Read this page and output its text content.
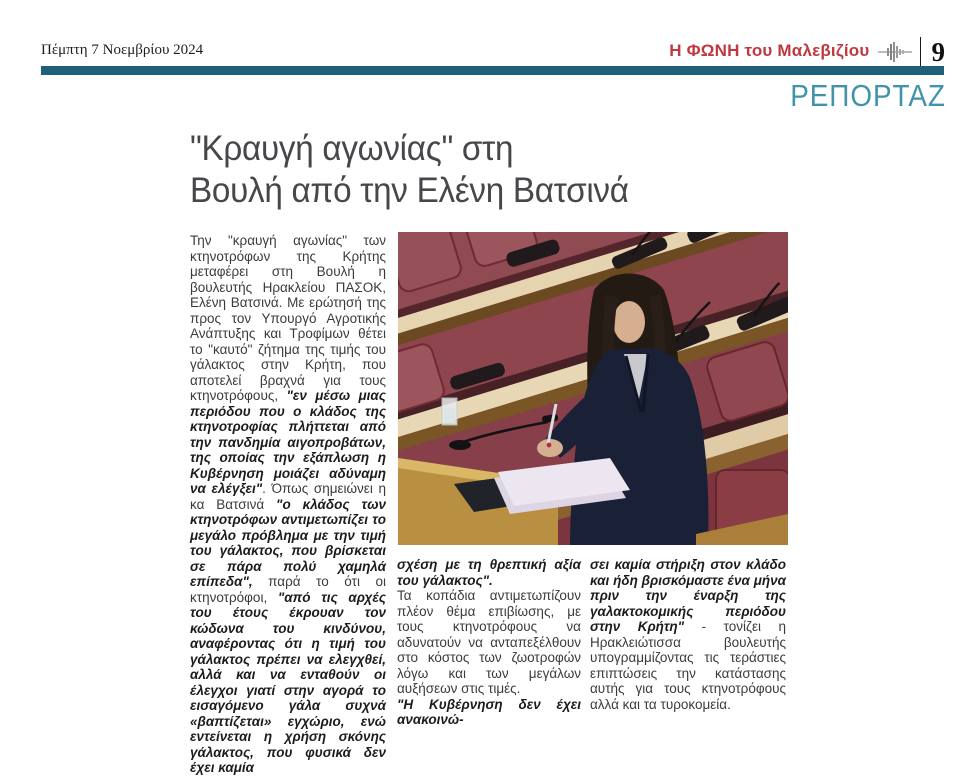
Πέμπτη 7 Νοεμβρίου 2024	Η ΦΩΝΗ του Μαλεβιζίου 9
ΡΕΠΟΡΤΑΖ
"Κραυγή αγωνίας" στη
Βουλή από την Ελένη Βατσινά

Την "κραυγή αγωνίας" των κτηνοτρόφων της Κρήτης μεταφέρει στη Βουλή η βουλευτής Ηρακλείου ΠΑΣΟΚ, Ελένη Βατσινά. Με ερώτησή της προς τον Υπουργό Αγροτικής Ανάπτυξης και Τροφίμων θέτει το "καυτό" ζήτημα της τιμής του γάλακτος στην Κρήτη, που αποτελεί βραχνά για τους κτηνοτρόφους, "εν μέσω μιας περιόδου που ο κλάδος της κτηνοτροφίας πλήττεται από την πανδημία αιγοπροβάτων, της οποίας την εξάπλωση η Κυβέρνηση μοιάζει αδύναμη να ελέγξει". Όπως σημειώνει η κα Βατσινά "ο κλάδος των κτηνοτρόφων αντιμετωπίζει το μεγάλο πρόβλημα με την τιμή του γάλακτος, που βρίσκεται σε πάρα πολύ χαμηλά επίπεδα", παρά το ότι οι κτηνοτρόφοι, "από τις αρχές του έτους έκρουαν τον κώδωνα του κινδύνου, αναφέροντας ότι η τιμή του γάλακτος πρέπει να ελεγχθεί, αλλά και να ενταθούν οι έλεγχοι γιατί στην αγορά το εισαγόμενο γάλα συχνά «βαπτίζεται» εγχώριο, ενώ εντείνεται η χρήση σκόνης γάλακτος, που φυσικά δεν έχει καμία

σχέση με τη θρεπτική αξία του γάλακτος".

Τα κοπάδια αντιμετωπίζουν πλέον θέμα επιβίωσης, με τους κτηνοτρόφους να αδυνατούν να ανταπεξέλθουν στο κόστος των ζωοτροφών λόγω και των μεγάλων αυξήσεων στις τιμές.

"Η Κυβέρνηση δεν έχει ανακοινώ-

σει καμία στήριξη στον κλάδο και ήδη βρισκόμαστε ένα μήνα πριν την έναρξη της γαλακτοκομικής περιόδου στην Κρήτη" - τονίζει η Ηρακλειώτισσα βουλευτής υπογραμμίζοντας τις τεράστιες επιπτώσεις την κατάστασης αυτής για τους κτηνοτρόφους αλλά και τα τυροκομεία.
